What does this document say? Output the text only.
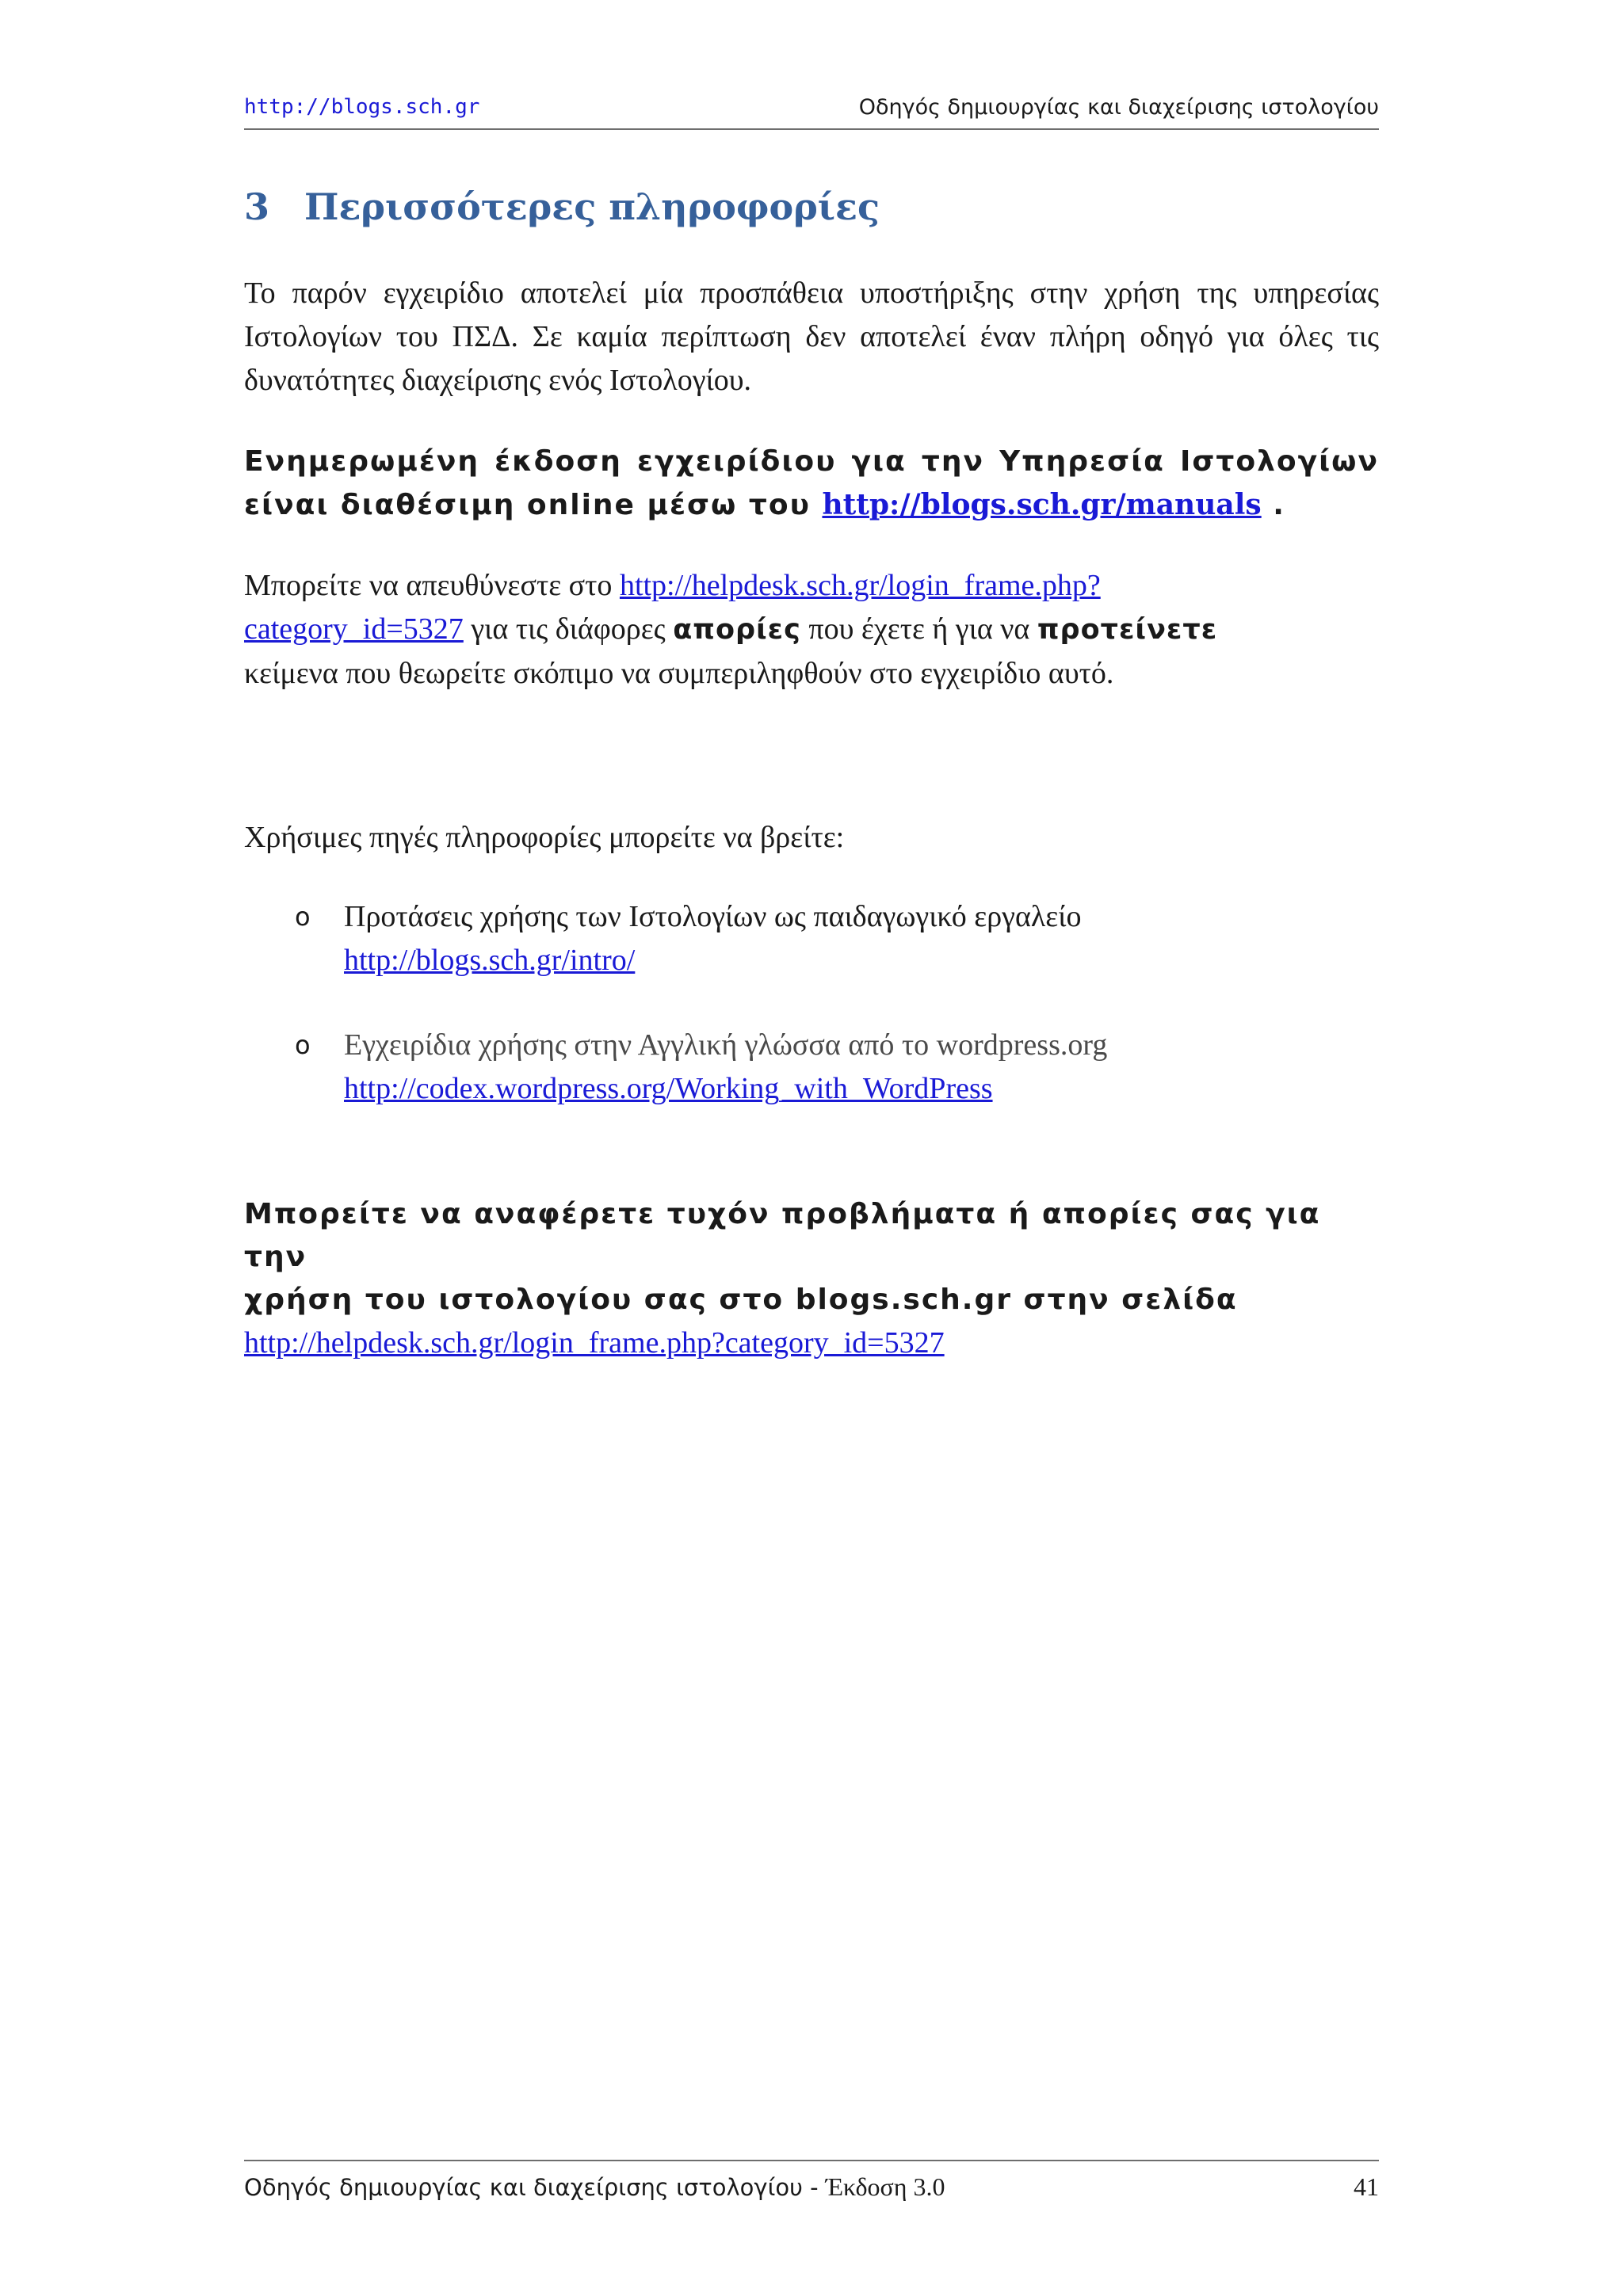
http://blogs.sch.gr	Οδηγός δημιουργίας και διαχείρισης ιστολογίου
3 Περισσότερες πληροφορίες
Το παρόν εγχειρίδιο αποτελεί μία προσπάθεια υποστήριξης στην χρήση της υπηρεσίας Ιστολογίων του ΠΣΔ. Σε καμία περίπτωση δεν αποτελεί έναν πλήρη οδηγό για όλες τις δυνατότητες διαχείρισης ενός Ιστολογίου.
Ενημερωμένη έκδοση εγχειρίδιου για την Υπηρεσία Ιστολογίων είναι διαθέσιμη online μέσω του http://blogs.sch.gr/manuals .
Μπορείτε να απευθύνεστε στο http://helpdesk.sch.gr/login_frame.php?
category_id=5327 για τις διάφορες απορίες που έχετε ή για να προτείνετε
κείμενα που θεωρείτε σκόπιμο να συμπεριληφθούν στο εγχειρίδιο αυτό.
Χρήσιμες πηγές πληροφορίες μπορείτε να βρείτε:
o Προτάσεις χρήσης των Ιστολογίων ως παιδαγωγικό εργαλείο
http://blogs.sch.gr/intro/
o Εγχειρίδια χρήσης στην Αγγλική γλώσσα από το wordpress.org
http://codex.wordpress.org/Working_with_WordPress
Μπορείτε να αναφέρετε τυχόν προβλήματα ή απορίες σας για την
χρήση του ιστολογίου σας στο blogs.sch.gr στην σελίδα
http://helpdesk.sch.gr/login_frame.php?category_id=5327
Οδηγός δημιουργίας και διαχείρισης ιστολογίου - Έκδοση 3.0	41
